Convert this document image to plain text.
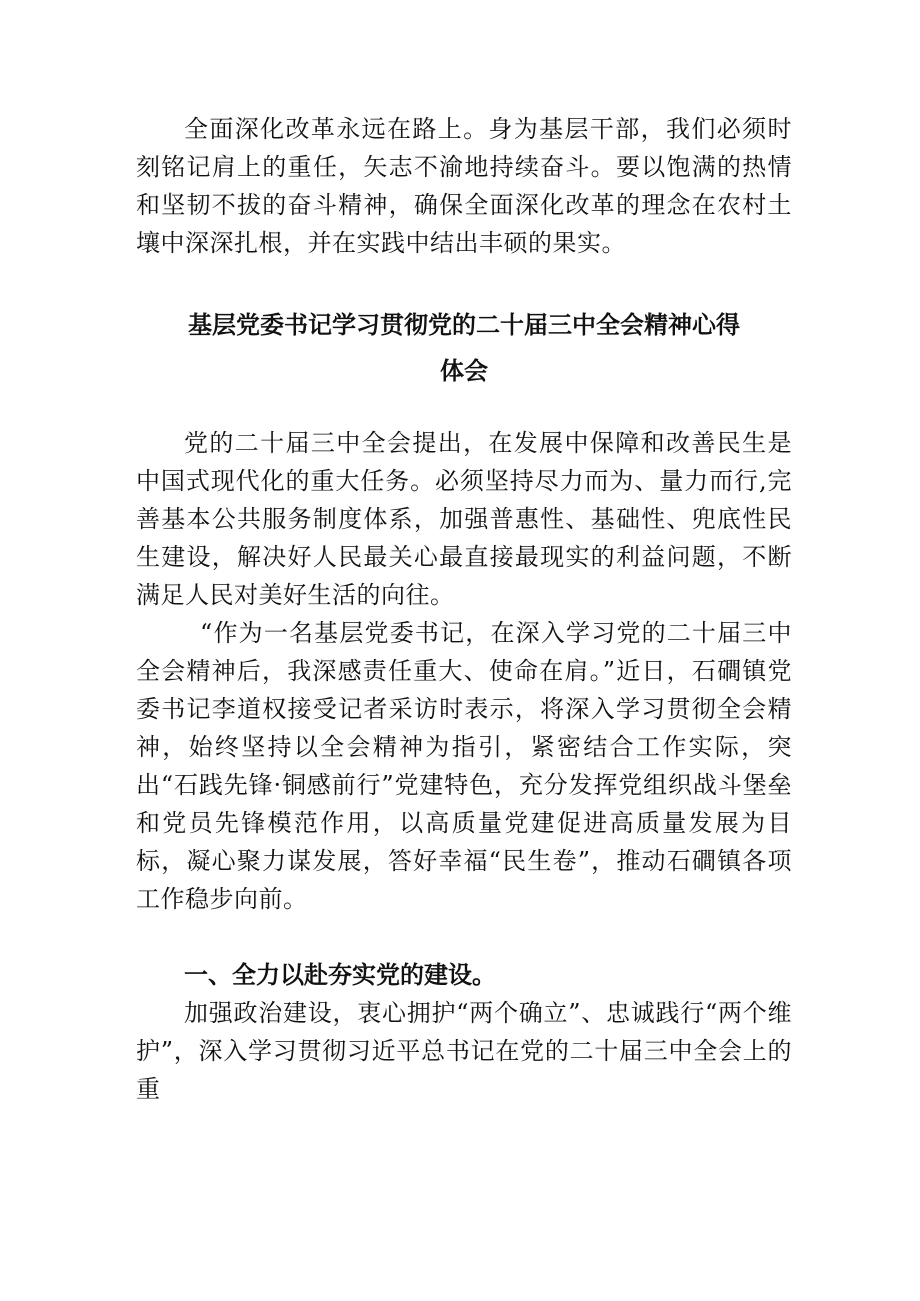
全面深化改革永远在路上。身为基层干部，我们必须时刻铭记肩上的重任，矢志不渝地持续奋斗。要以饱满的热情和坚韧不拔的奋斗精神，确保全面深化改革的理念在农村土壤中深深扎根，并在实践中结出丰硕的果实。

基层党委书记学习贯彻党的二十届三中全会精神心得
体会

党的二十届三中全会提出，在发展中保障和改善民生是中国式现代化的重大任务。必须坚持尽力而为、量力而行,完善基本公共服务制度体系，加强普惠性、基础性、兜底性民生建设，解决好人民最关心最直接最现实的利益问题，不断满足人民对美好生活的向往。

“作为一名基层党委书记，在深入学习党的二十届三中全会精神后，我深感责任重大、使命在肩。”近日，石磵镇党委书记李道权接受记者采访时表示，将深入学习贯彻全会精神，始终坚持以全会精神为指引，紧密结合工作实际，突出“石践先锋·铜感前行”党建特色，充分发挥党组织战斗堡垒和党员先锋模范作用，以高质量党建促进高质量发展为目标，凝心聚力谋发展，答好幸福“民生卷”，推动石磵镇各项工作稳步向前。

一、全力以赴夯实党的建设。

加强政治建设，衷心拥护“两个确立”、忠诚践行“两个维护”，深入学习贯彻习近平总书记在党的二十届三中全会上的重
